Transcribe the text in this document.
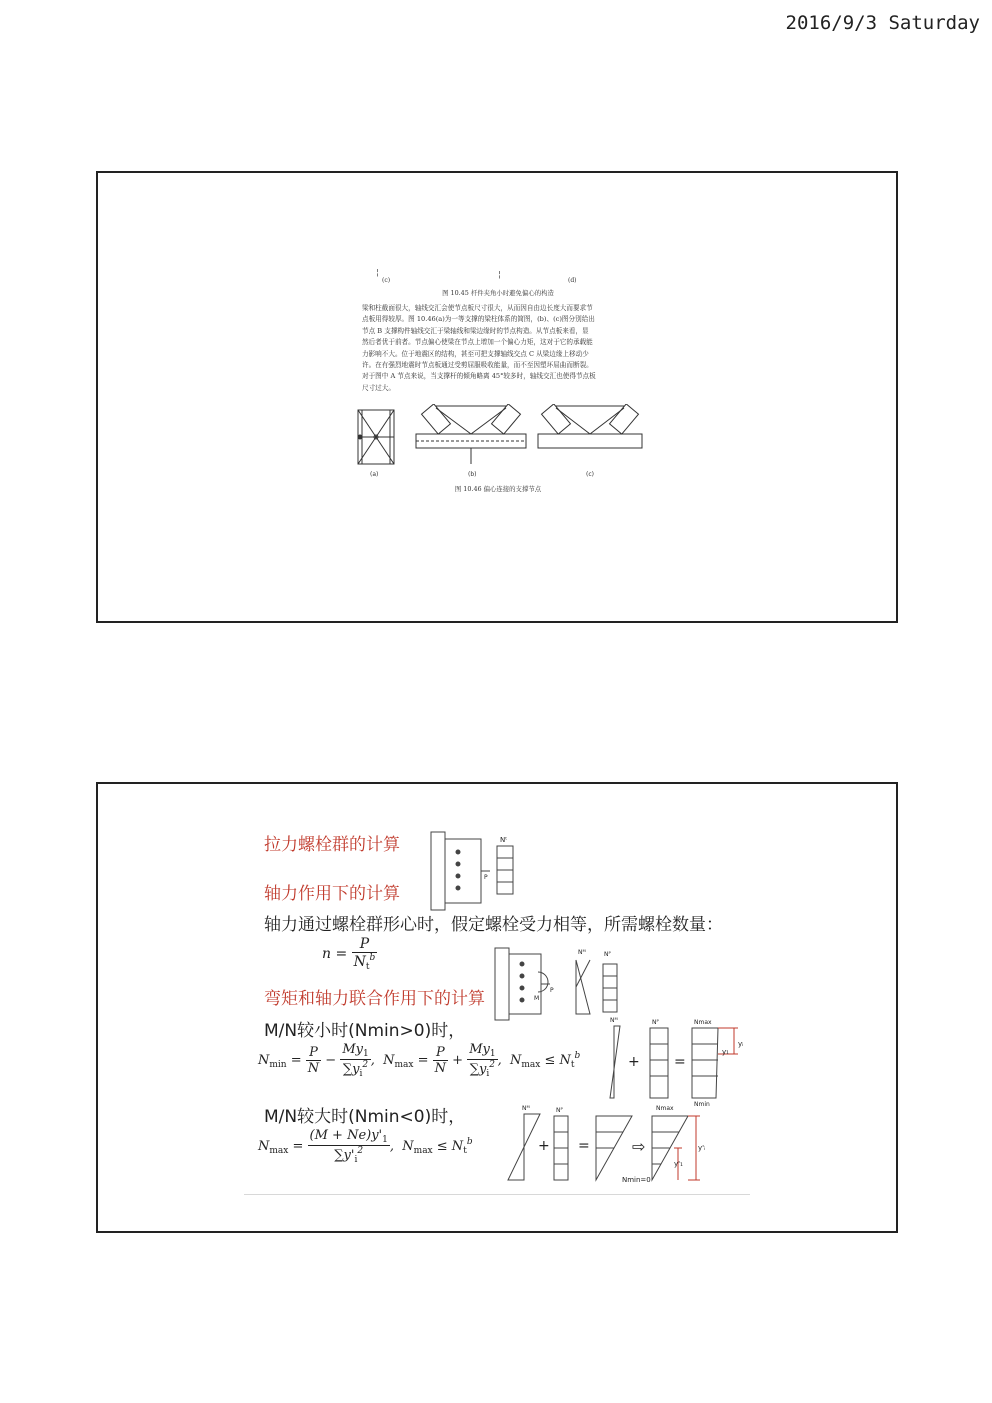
2016/9/3 Saturday
¦
(c)
¦
(d)
图 10.45 杆件夹角小时避免偏心的构造

梁和柱截面很大，轴线交汇会使节点板尺寸很大，从而因自由边长度大而要求节
点板用得较厚。图 10.46(a)为一等支撑的梁柱体系的简图，(b)、(c)图分别给出
节点 B 支撑构件轴线交汇于梁轴线和梁边缘时的节点构造。从节点板来看，显
然后者优于前者。节点偏心使梁在节点上增加一个偏心力矩，这对于它的承载能
力影响不大。位于地震区的结构，甚至可把支撑轴线交点 C 从梁边缘上移动少
许。在有强烈地震时节点板通过受剪屈服吸收能量，而不至因塑坏屈曲而断裂。
对于图中 A 节点来说，当支撑杆的倾角略离 45°较多时，轴线交汇也使得节点板
尺寸过大。

(a)	(b)	(c)
图 10.46 偏心连接的支撑节点
拉力螺栓群的计算
轴力作用下的计算
轴力通过螺栓群形心时，假定螺栓受力相等，所需螺栓数量：
$n = \frac{P}{N_t^b}$
弯矩和轴力联合作用下的计算
M/N较小时(Nmin>0)时，
$N_{min} = \frac{P}{N} - \frac{My_1}{\sum y_i^2}$ ,  $N_{max} = \frac{P}{N} + \frac{My_1}{\sum y_i^2}$ ,  $N_{max} \le N_t^b$
M/N较大时(Nmin<0)时，
$N_{max} = \frac{(M + Ne)y'_1}{\sum y'_i^2}$ ,  $N_{max} \le N_t^b$
Nᵗ
P
Nᴹ	Nᴾ
M
P
Nᴹ	Nᴾ	Nmax
Nmin
yᵢ
y₁
+ =
Nᴹ	Nᴾ	Nmax
Nmin=0
y'ᵢ
y'₁
+ =	⇨
